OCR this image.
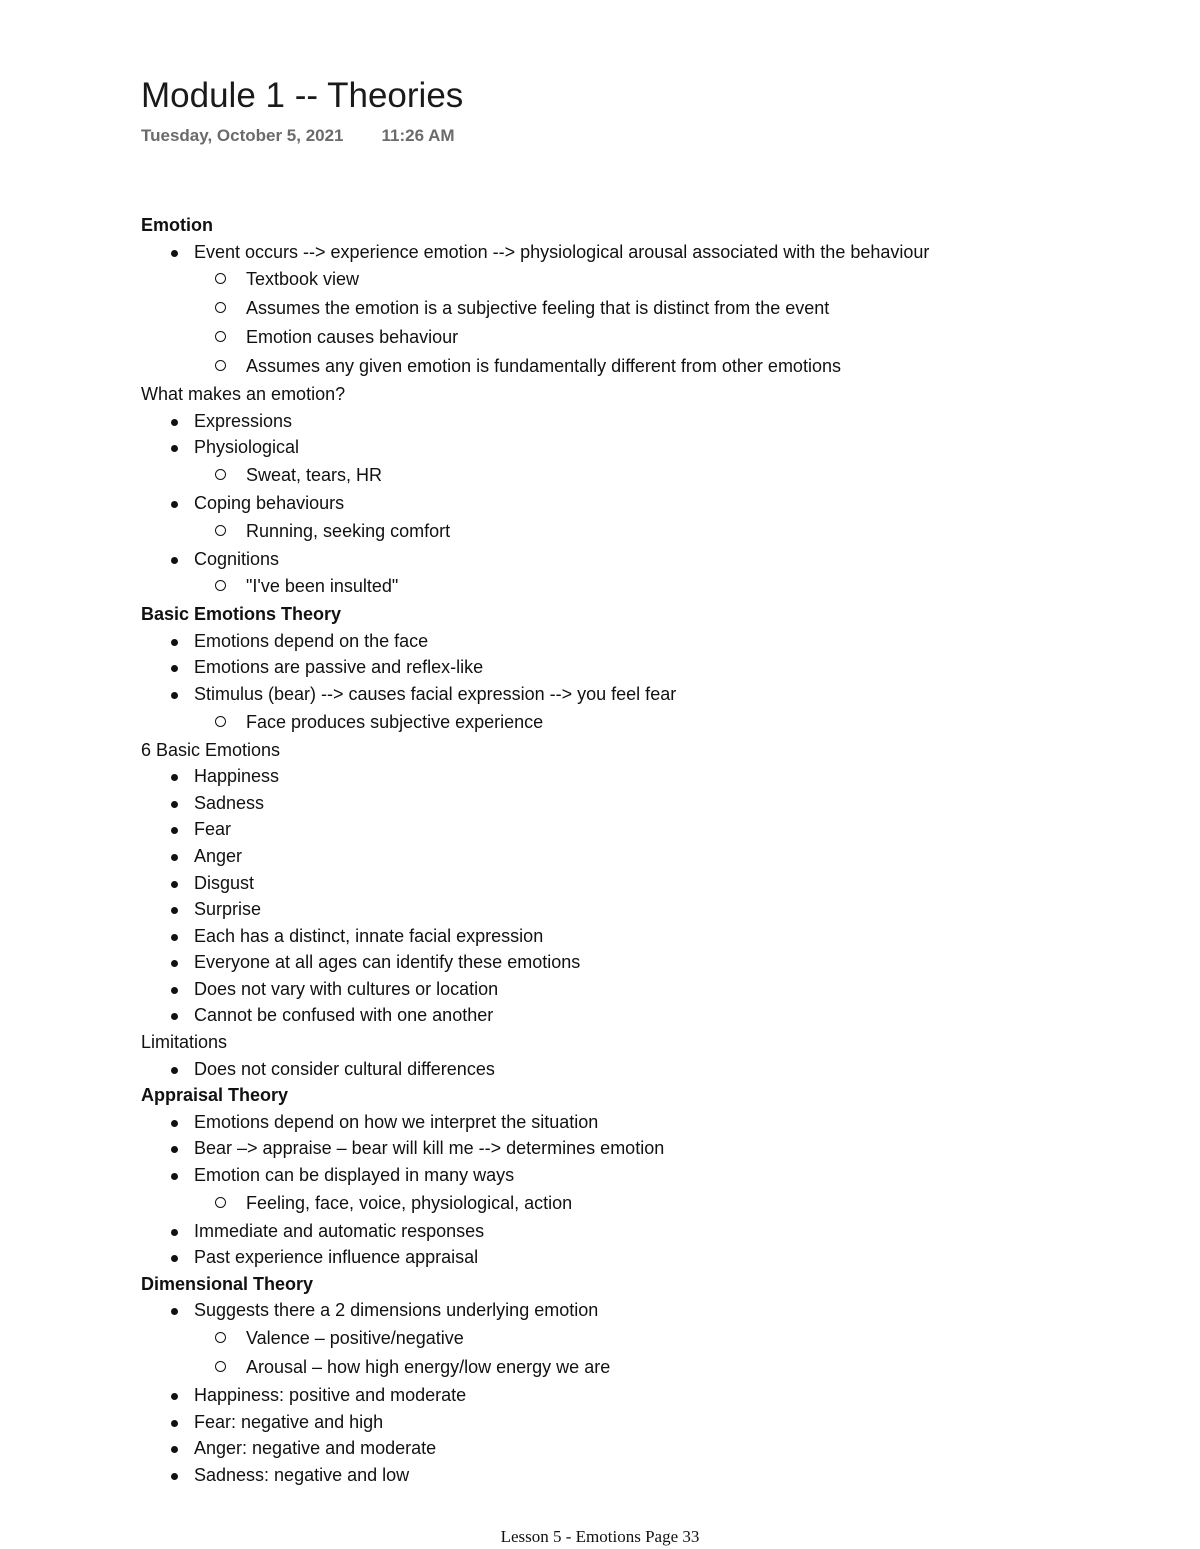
Module 1 -- Theories
Tuesday, October 5, 2021 11:26 AM
Emotion
Event occurs --> experience emotion --> physiological arousal associated with the behaviour
Textbook view
Assumes the emotion is a subjective feeling that is distinct from the event
Emotion causes behaviour
Assumes any given emotion is fundamentally different from other emotions
What makes an emotion?
Expressions
Physiological
Sweat, tears, HR
Coping behaviours
Running, seeking comfort
Cognitions
"I've been insulted"
Basic Emotions Theory
Emotions depend on the face
Emotions are passive and reflex-like
Stimulus (bear) --> causes facial expression --> you feel fear
Face produces subjective experience
6 Basic Emotions
Happiness
Sadness
Fear
Anger
Disgust
Surprise
Each has a distinct, innate facial expression
Everyone at all ages can identify these emotions
Does not vary with cultures or location
Cannot be confused with one another
Limitations
Does not consider cultural differences
Appraisal Theory
Emotions depend on how we interpret the situation
Bear –> appraise – bear will kill me --> determines emotion
Emotion can be displayed in many ways
Feeling, face, voice, physiological, action
Immediate and automatic responses
Past experience influence appraisal
Dimensional Theory
Suggests there a 2 dimensions underlying emotion
Valence – positive/negative
Arousal – how high energy/low energy we are
Happiness: positive and moderate
Fear: negative and high
Anger: negative and moderate
Sadness: negative and low
Lesson 5 - Emotions Page 33
